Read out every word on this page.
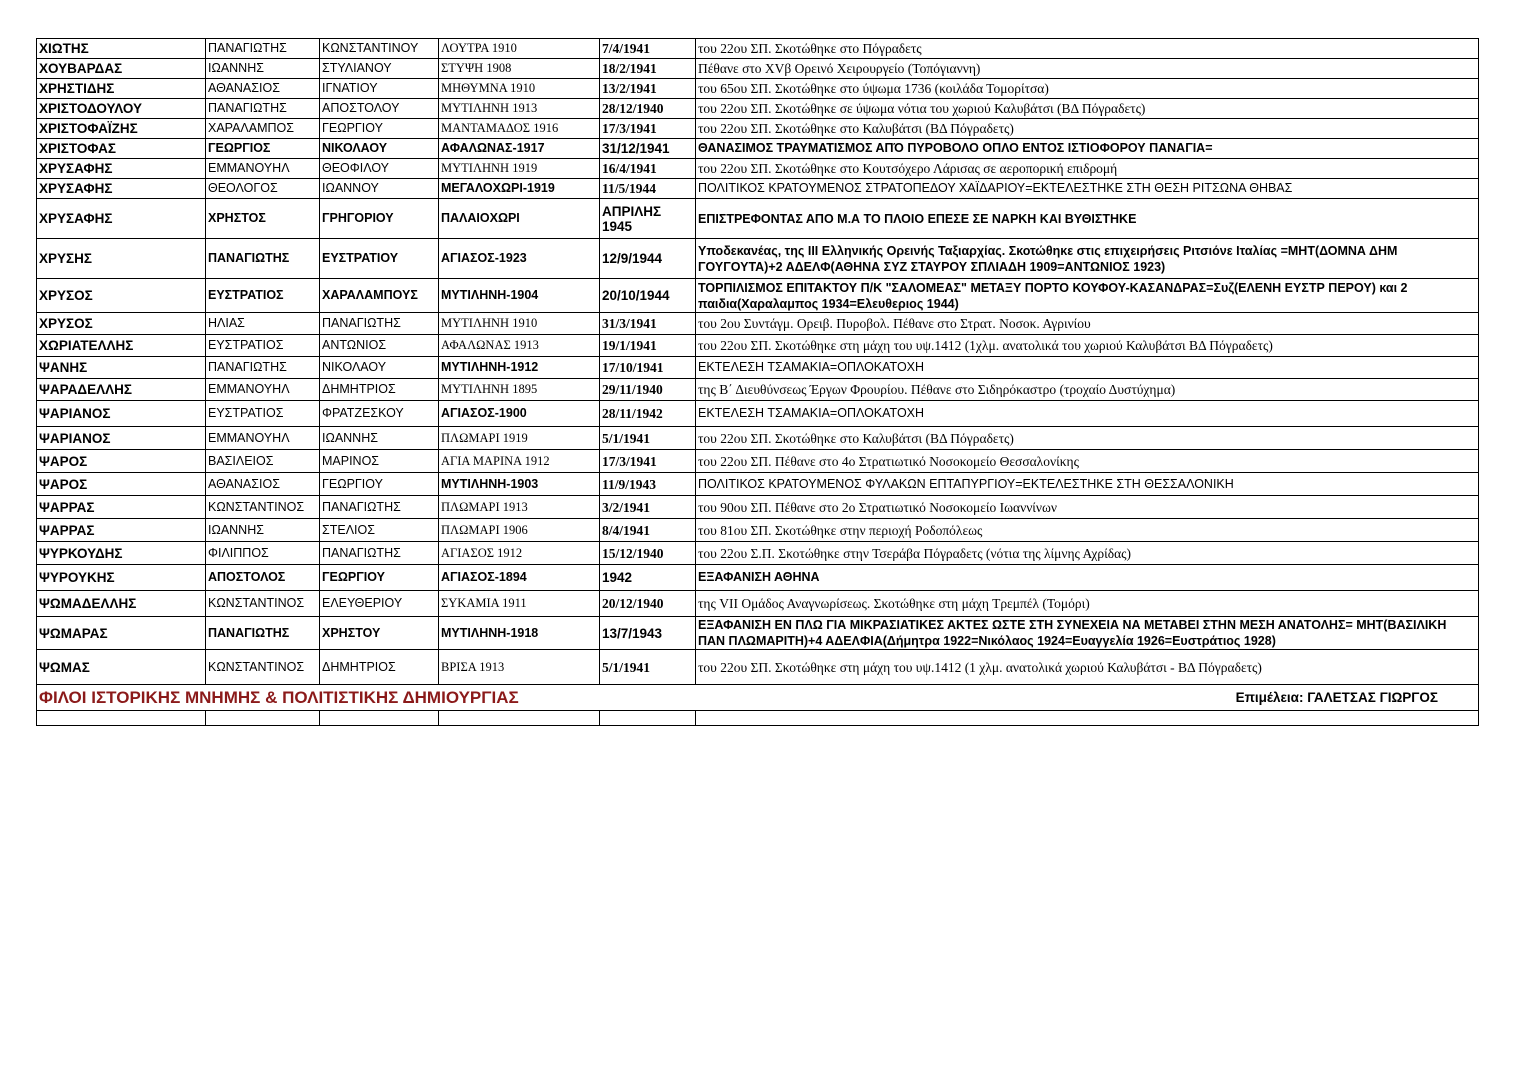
ΧΙΩΤΗΣ	ΠΑΝΑΓΙΩΤΗΣ	ΚΩΝΣΤΑΝΤΙΝΟΥ	ΛΟΥΤΡΑ 1910	7/4/1941	του 22ου ΣΠ. Σκοτώθηκε στο Πόγραδετς
ΧΟΥΒΑΡΔΑΣ	ΙΩΑΝΝΗΣ	ΣΤΥΛΙΑΝΟΥ	ΣΤΥΨΗ 1908	18/2/1941	Πέθανε στο XVβ Ορεινό Χειρουργείο (Τοπόγιαννη)
ΧΡΗΣΤΙΔΗΣ	ΑΘΑΝΑΣΙΟΣ	ΙΓΝΑΤΙΟΥ	ΜΗΘΥΜΝΑ 1910	13/2/1941	του 65ου ΣΠ. Σκοτώθηκε στο ύψωμα 1736 (κοιλάδα Τομορίτσα)
ΧΡΙΣΤΟΔΟΥΛΟΥ	ΠΑΝΑΓΙΩΤΗΣ	ΑΠΟΣΤΟΛΟΥ	ΜΥΤΙΛΗΝΗ 1913	28/12/1940	του 22ου ΣΠ. Σκοτώθηκε σε ύψωμα νότια του χωριού Καλυβάτσι (ΒΔ Πόγραδετς)
ΧΡΙΣΤΟΦΑΪΖΗΣ	ΧΑΡΑΛΑΜΠΟΣ	ΓΕΩΡΓΙΟΥ	ΜΑΝΤΑΜΑΔΟΣ 1916	17/3/1941	του 22ου ΣΠ. Σκοτώθηκε στο Καλυβάτσι (ΒΔ Πόγραδετς)
ΧΡΙΣΤΟΦΑΣ	ΓΕΩΡΓΙΟΣ	ΝΙΚΟΛΑΟΥ	ΑΦΑΛΩΝΑΣ-1917	31/12/1941	ΘΑΝΑΣΙΜΟΣ ΤΡΑΥΜΑΤΙΣΜΟΣ ΑΠΌ ΠΥΡΟΒΟΛΟ ΟΠΛΟ ΕΝΤΟΣ ΙΣΤΙΟΦΟΡΟΥ ΠΑΝΑΓΙΑ=
ΧΡΥΣΑΦΗΣ	ΕΜΜΑΝΟΥΗΛ	ΘΕΟΦΙΛΟΥ	ΜΥΤΙΛΗΝΗ 1919	16/4/1941	του 22ου ΣΠ. Σκοτώθηκε στο Κουτσόχερο Λάρισας σε αεροπορική επιδρομή
ΧΡΥΣΑΦΗΣ	ΘΕΟΛΟΓΟΣ	ΙΩΑΝΝΟΥ	ΜΕΓΑΛΟΧΩΡΙ-1919	11/5/1944	ΠΟΛΙΤΙΚΟΣ ΚΡΑΤΟΥΜΕΝΟΣ ΣΤΡΑΤΟΠΕΔΟΥ ΧΑΪΔΑΡΙΟΥ=ΕΚΤΕΛΕΣΤΗΚΕ ΣΤΗ ΘΕΣΗ ΡΙΤΣΩΝΑ ΘΗΒΑΣ
ΧΡΥΣΑΦΗΣ	ΧΡΗΣΤΟΣ	ΓΡΗΓΟΡΙΟΥ	ΠΑΛΑΙΟΧΩΡΙ	ΑΠΡΙΛΗΣ 1945	ΕΠΙΣΤΡΕΦΟΝΤΑΣ ΑΠΟ Μ.Α ΤΟ ΠΛΟΙΟ ΕΠΕΣΕ ΣΕ ΝΑΡΚΗ ΚΑΙ ΒΥΘΙΣΤΗΚΕ
ΧΡΥΣΗΣ	ΠΑΝΑΓΙΩΤΗΣ	ΕΥΣΤΡΑΤΙΟΥ	ΑΓΙΑΣΟΣ-1923	12/9/1944	Υποδεκανέας, της ΙΙΙ Ελληνικής Ορεινής Ταξιαρχίας. Σκοτώθηκε στις επιχειρήσεις Ριτσιόνε Ιταλίας =ΜΗΤ(ΔΟΜΝΑ ΔΗΜ ΓΟΥΓΟΥΤΑ)+2 ΑΔΕΛΦ(ΑΘΗΝΑ ΣΥΖ ΣΤΑΥΡΟΥ ΣΠΛΙΑΔΗ 1909=ΑΝΤΩΝΙΟΣ 1923)
ΧΡΥΣΟΣ	ΕΥΣΤΡΑΤΙΟΣ	ΧΑΡΑΛΑΜΠΟΥΣ	ΜΥΤΙΛΗΝΗ-1904	20/10/1944	ΤΟΡΠΙΛΙΣΜΟΣ ΕΠΙΤΑΚΤΟΥ Π/Κ "ΣΑΛΟΜΕΑΣ" ΜΕΤΑΞΥ ΠΟΡΤΟ ΚΟΥΦΟΥ-ΚΑΣΑΝΔΡΑΣ=Συζ(ΕΛΕΝΗ ΕΥΣΤΡ ΠΕΡΟΥ) και 2 παιδια(Χαραλαμπος 1934=Ελευθεριος 1944)
ΧΡΥΣΟΣ	ΗΛΙΑΣ	ΠΑΝΑΓΙΩΤΗΣ	ΜΥΤΙΛΗΝΗ 1910	31/3/1941	του 2ου Συντάγμ. Ορειβ. Πυροβολ. Πέθανε στο Στρατ. Νοσοκ. Αγρινίου
ΧΩΡΙΑΤΕΛΛΗΣ	ΕΥΣΤΡΑΤΙΟΣ	ΑΝΤΩΝΙΟΣ	ΑΦΑΛΩΝΑΣ 1913	19/1/1941	του 22ου ΣΠ. Σκοτώθηκε στη μάχη του υψ.1412 (1χλμ. ανατολικά του χωριού Καλυβάτσι ΒΔ Πόγραδετς)
ΨΑΝΗΣ	ΠΑΝΑΓΙΩΤΗΣ	ΝΙΚΟΛΑΟΥ	ΜΥΤΙΛΗΝΗ-1912	17/10/1941	ΕΚΤΕΛΕΣΗ ΤΣΑΜΑΚΙΑ=ΟΠΛΟΚΑΤΟΧΗ
ΨΑΡΑΔΕΛΛΗΣ	ΕΜΜΑΝΟΥΗΛ	ΔΗΜΗΤΡΙΟΣ	ΜΥΤΙΛΗΝΗ 1895	29/11/1940	της Β΄ Διευθύνσεως Έργων Φρουρίου. Πέθανε στο Σιδηρόκαστρο (τροχαίο Δυστύχημα)
ΨΑΡΙΑΝΟΣ	ΕΥΣΤΡΑΤΙΟΣ	ΦΡΑΤΖΕΣΚΟΥ	ΑΓΙΑΣΟΣ-1900	28/11/1942	ΕΚΤΕΛΕΣΗ ΤΣΑΜΑΚΙΑ=ΟΠΛΟΚΑΤΟΧΗ
ΨΑΡΙΑΝΟΣ	ΕΜΜΑΝΟΥΗΛ	ΙΩΑΝΝΗΣ	ΠΛΩΜΑΡΙ 1919	5/1/1941	του 22ου ΣΠ. Σκοτώθηκε στο Καλυβάτσι (ΒΔ Πόγραδετς)
ΨΑΡΟΣ	ΒΑΣΙΛΕΙΟΣ	ΜΑΡΙΝΟΣ	ΑΓΙΑ ΜΑΡΙΝΑ 1912	17/3/1941	του 22ου ΣΠ. Πέθανε στο 4ο Στρατιωτικό Νοσοκομείο Θεσσαλονίκης
ΨΑΡΟΣ	ΑΘΑΝΑΣΙΟΣ	ΓΕΩΡΓΙΟΥ	ΜΥΤΙΛΗΝΗ-1903	11/9/1943	ΠΟΛΙΤΙΚΟΣ ΚΡΑΤΟΥΜΕΝΟΣ ΦΥΛΑΚΩΝ ΕΠΤΑΠΥΡΓΙΟΥ=ΕΚΤΕΛΕΣΤΗΚΕ ΣΤΗ ΘΕΣΣΑΛΟΝΙΚΗ
ΨΑΡΡΑΣ	ΚΩΝΣΤΑΝΤΙΝΟΣ	ΠΑΝΑΓΙΩΤΗΣ	ΠΛΩΜΑΡΙ 1913	3/2/1941	του 90ου ΣΠ. Πέθανε στο 2ο Στρατιωτικό Νοσοκομείο Ιωαννίνων
ΨΑΡΡΑΣ	ΙΩΑΝΝΗΣ	ΣΤΕΛΙΟΣ	ΠΛΩΜΑΡΙ 1906	8/4/1941	του 81ου ΣΠ. Σκοτώθηκε στην περιοχή Ροδοπόλεως
ΨΥΡΚΟΥΔΗΣ	ΦΙΛΙΠΠΟΣ	ΠΑΝΑΓΙΩΤΗΣ	ΑΓΙΑΣΟΣ 1912	15/12/1940	του 22ου Σ.Π. Σκοτώθηκε στην Τσεράβα Πόγραδετς (νότια της λίμνης Αχρίδας)
ΨΥΡΟΥΚΗΣ	ΑΠΟΣΤΟΛΟΣ	ΓΕΩΡΓΙΟΥ	ΑΓΙΑΣΟΣ-1894	1942	ΕΞΑΦΑΝΙΣΗ ΑΘΗΝΑ
ΨΩΜΑΔΕΛΛΗΣ	ΚΩΝΣΤΑΝΤΙΝΟΣ	ΕΛΕΥΘΕΡΙΟΥ	ΣΥΚΑΜΙΑ 1911	20/12/1940	της VII Ομάδος Αναγνωρίσεως. Σκοτώθηκε στη μάχη Τρεμπέλ (Τομόρι)
ΨΩΜΑΡΑΣ	ΠΑΝΑΓΙΩΤΗΣ	ΧΡΗΣΤΟΥ	ΜΥΤΙΛΗΝΗ-1918	13/7/1943	ΕΞΑΦΑΝΙΣΗ ΕΝ ΠΛΩ ΓΙΑ ΜΙΚΡΑΣΙΑΤΙΚΕΣ ΑΚΤΕΣ ΩΣΤΕ ΣΤΗ ΣΥΝΕΧΕΙΑ ΝΑ ΜΕΤΑΒΕΙ ΣΤΗΝ ΜΕΣΗ ΑΝΑΤΟΛΗΣ= ΜΗΤ(ΒΑΣΙΛΙΚΗ ΠΑΝ ΠΛΩΜΑΡΙΤΗ)+4 ΑΔΕΛΦΙΑ(Δήμητρα 1922=Νικόλαος 1924=Ευαγγελία 1926=Ευστράτιος 1928)
ΨΩΜΑΣ	ΚΩΝΣΤΑΝΤΙΝΟΣ	ΔΗΜΗΤΡΙΟΣ	ΒΡΙΣΑ 1913	5/1/1941	του 22ου ΣΠ. Σκοτώθηκε στη μάχη του υψ.1412 (1 χλμ. ανατολικά χωριού Καλυβάτσι - ΒΔ Πόγραδετς)
ΦΙΛΟΙ ΙΣΤΟΡΙΚΗΣ ΜΝΗΜΗΣ & ΠΟΛΙΤΙΣΤΙΚΗΣ ΔΗΜΙΟΥΡΓΙΑΣ Επιμέλεια: ΓΑΛΕΤΣΑΣ ΓΙΩΡΓΟΣ					
